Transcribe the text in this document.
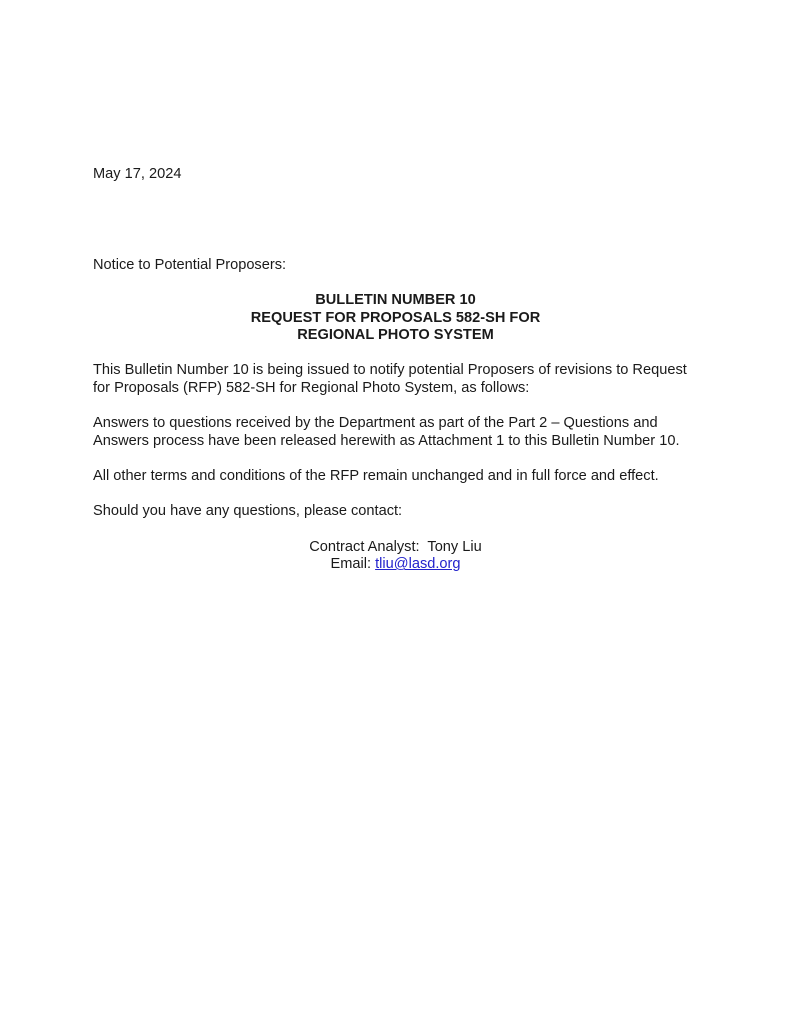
May 17, 2024
Notice to Potential Proposers:
BULLETIN NUMBER 10
REQUEST FOR PROPOSALS 582-SH FOR
REGIONAL PHOTO SYSTEM

This Bulletin Number 10 is being issued to notify potential Proposers of revisions to Request for Proposals (RFP) 582-SH for Regional Photo System, as follows:

Answers to questions received by the Department as part of the Part 2 – Questions and Answers process have been released herewith as Attachment 1 to this Bulletin Number 10.

All other terms and conditions of the RFP remain unchanged and in full force and effect.

Should you have any questions, please contact:

Contract Analyst:  Tony Liu
Email: tliu@lasd.org
